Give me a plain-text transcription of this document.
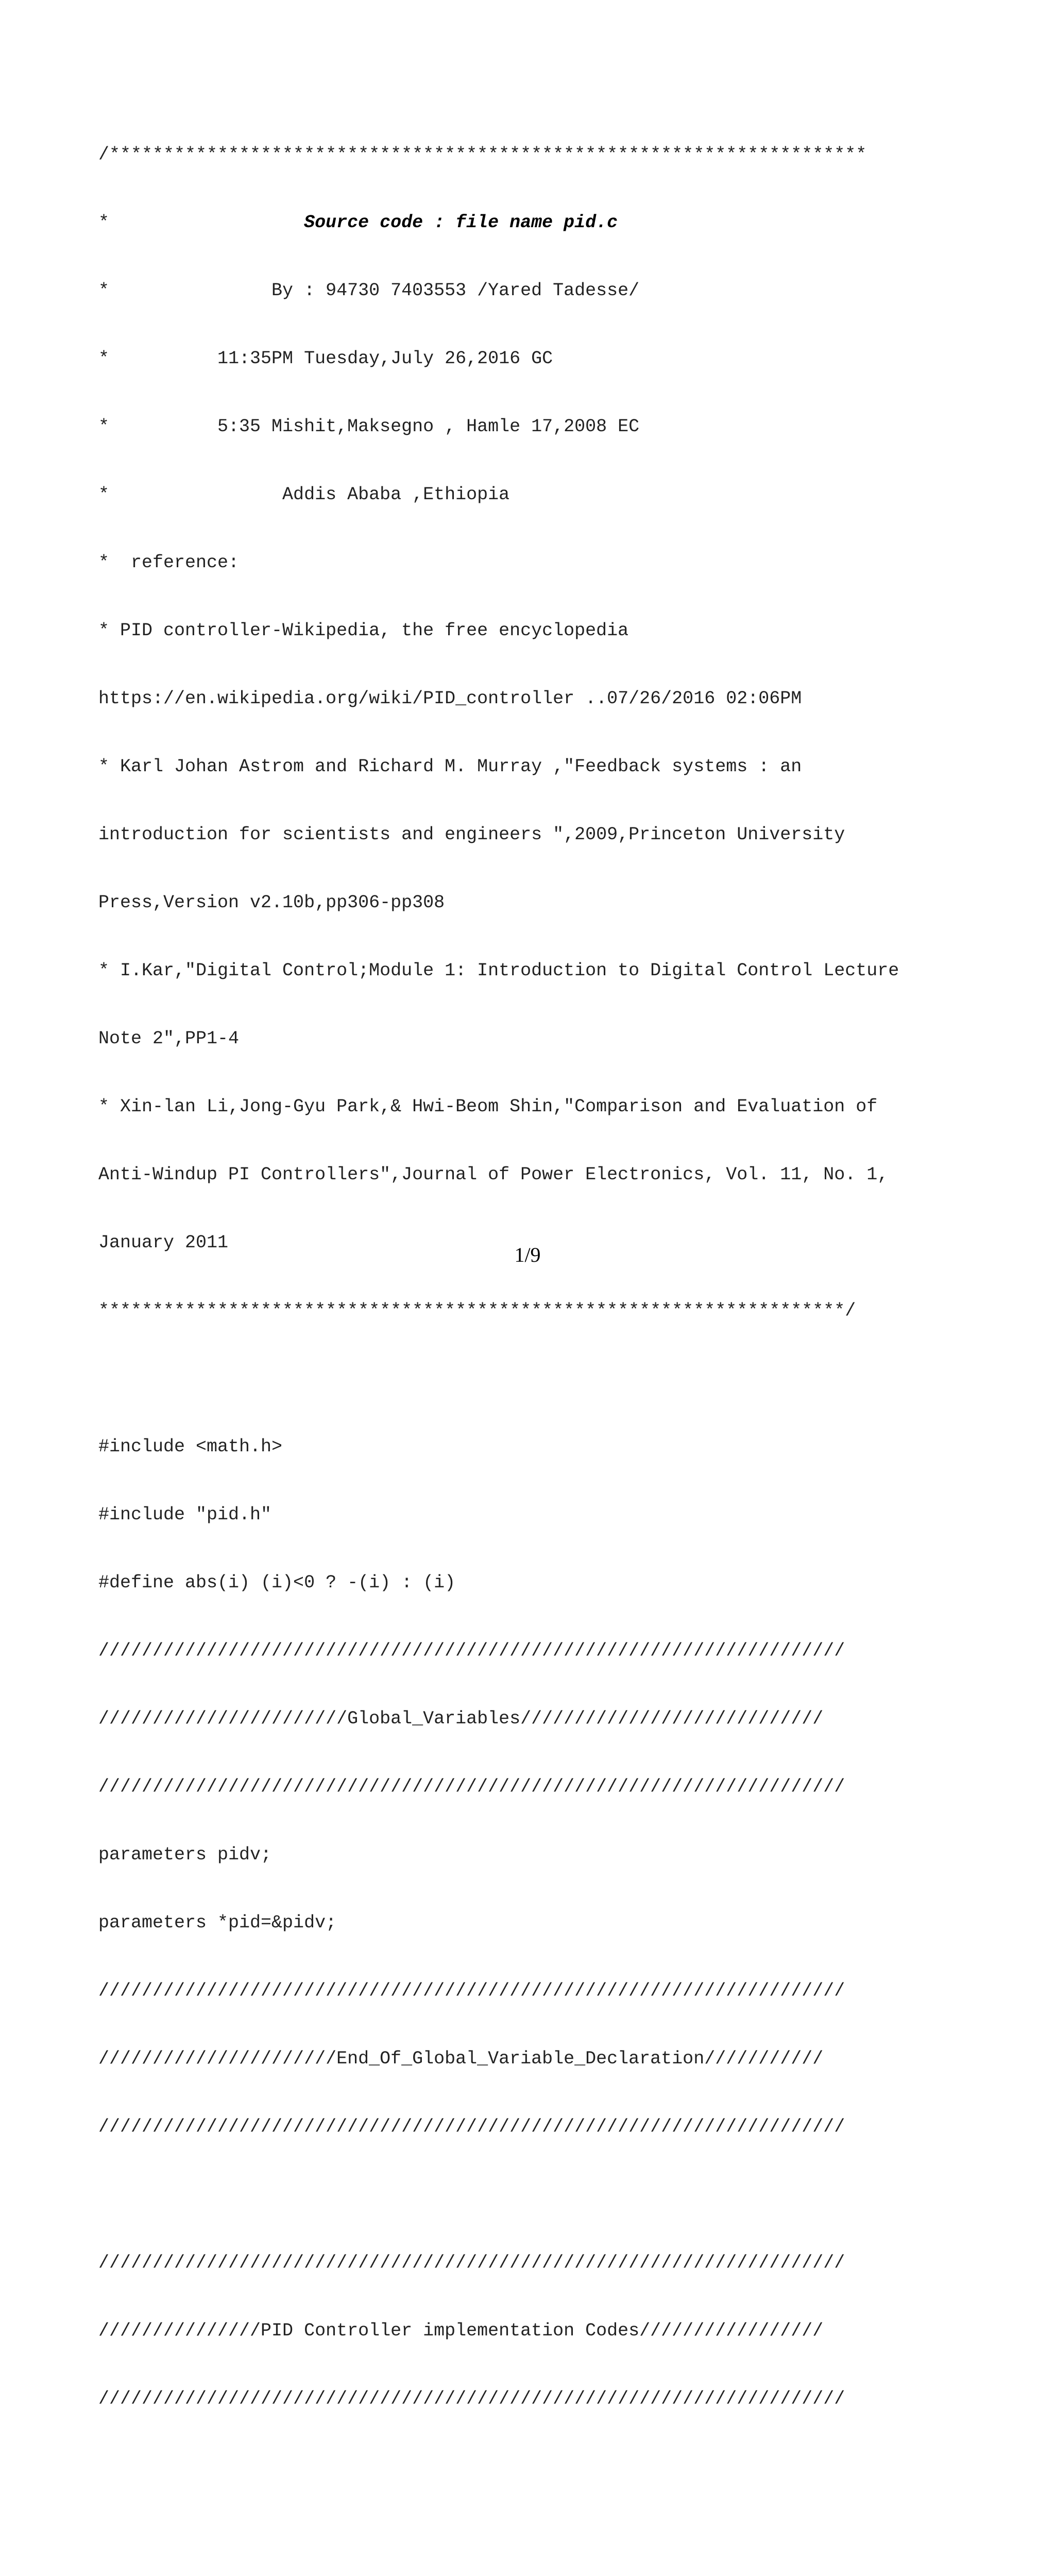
/**********************************************************************

*                  Source code : file name pid.c

*               By : 94730 7403553 /Yared Tadesse/

*          11:35PM Tuesday,July 26,2016 GC

*          5:35 Mishit,Maksegno , Hamle 17,2008 EC

*                Addis Ababa ,Ethiopia

*  reference:

* PID controller-Wikipedia, the free encyclopedia

https://en.wikipedia.org/wiki/PID_controller ..07/26/2016 02:06PM

* Karl Johan Astrom and Richard M. Murray ,"Feedback systems : an

introduction for scientists and engineers ",2009,Princeton University

Press,Version v2.10b,pp306-pp308

* I.Kar,"Digital Control;Module 1: Introduction to Digital Control Lecture

Note 2",PP1-4

* Xin-lan Li,Jong-Gyu Park,& Hwi-Beom Shin,"Comparison and Evaluation of

Anti-Windup PI Controllers",Journal of Power Electronics, Vol. 11, No. 1,

January 2011

*********************************************************************/

#include <math.h>

#include "pid.h"

#define abs(i) (i)<0 ? -(i) : (i)

/////////////////////////////////////////////////////////////////////

///////////////////////Global_Variables////////////////////////////

/////////////////////////////////////////////////////////////////////

parameters pidv;

parameters *pid=&pidv;

/////////////////////////////////////////////////////////////////////

//////////////////////End_Of_Global_Variable_Declaration///////////

/////////////////////////////////////////////////////////////////////

/////////////////////////////////////////////////////////////////////

///////////////PID Controller implementation Codes/////////////////

/////////////////////////////////////////////////////////////////////

1/9
